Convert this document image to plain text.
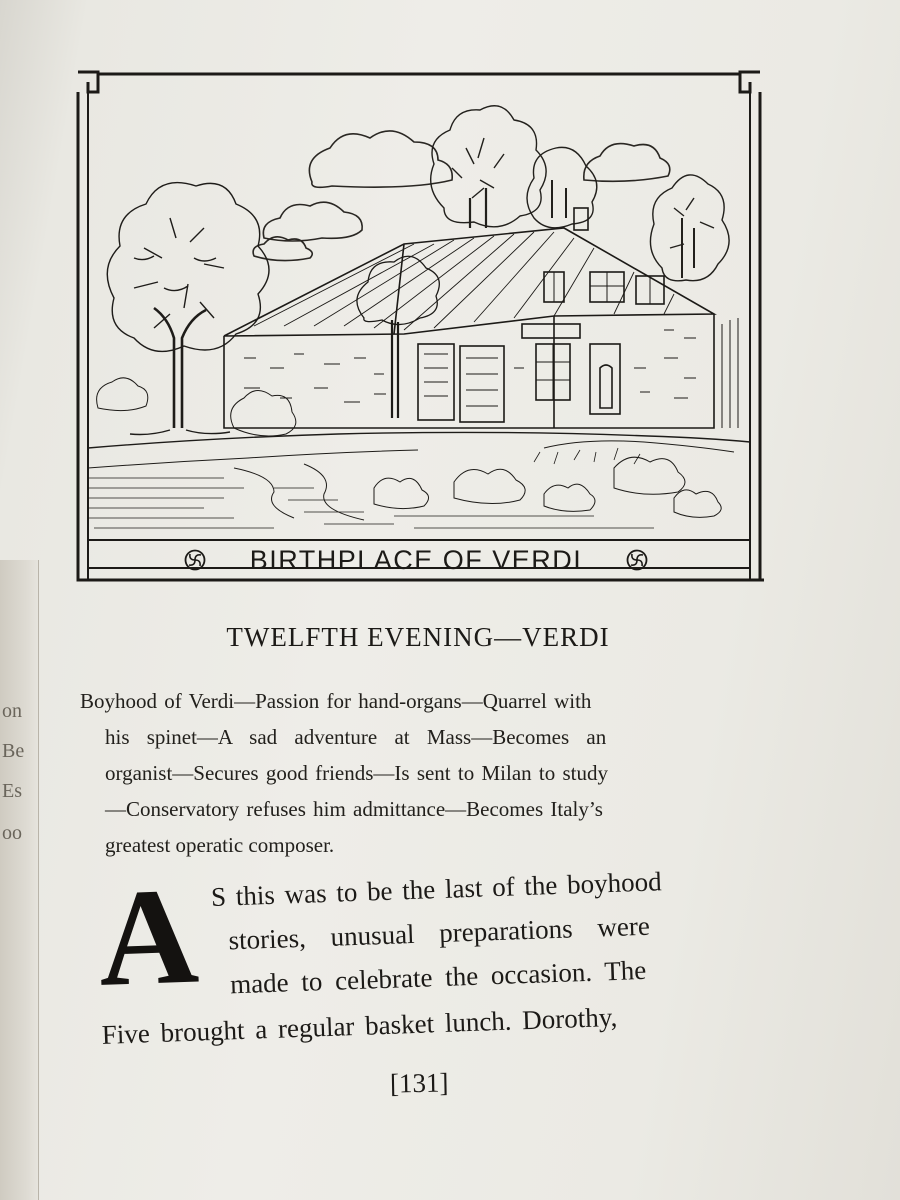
on
Be
Es
oo
BIRTHPLACE OF VERDI
TWELFTH EVENING—VERDI
Boyhood of Verdi—Passion for hand-organs—Quarrel with
his spinet—A sad adventure at Mass—Becomes an
organist—Secures good friends—Is sent to Milan to study
—Conservatory refuses him admittance—Becomes Italy’s
greatest operatic composer.
A S this was to be the last of the boyhood
stories, unusual preparations were
made to celebrate the occasion. The
Five brought a regular basket lunch. Dorothy,
[131]
